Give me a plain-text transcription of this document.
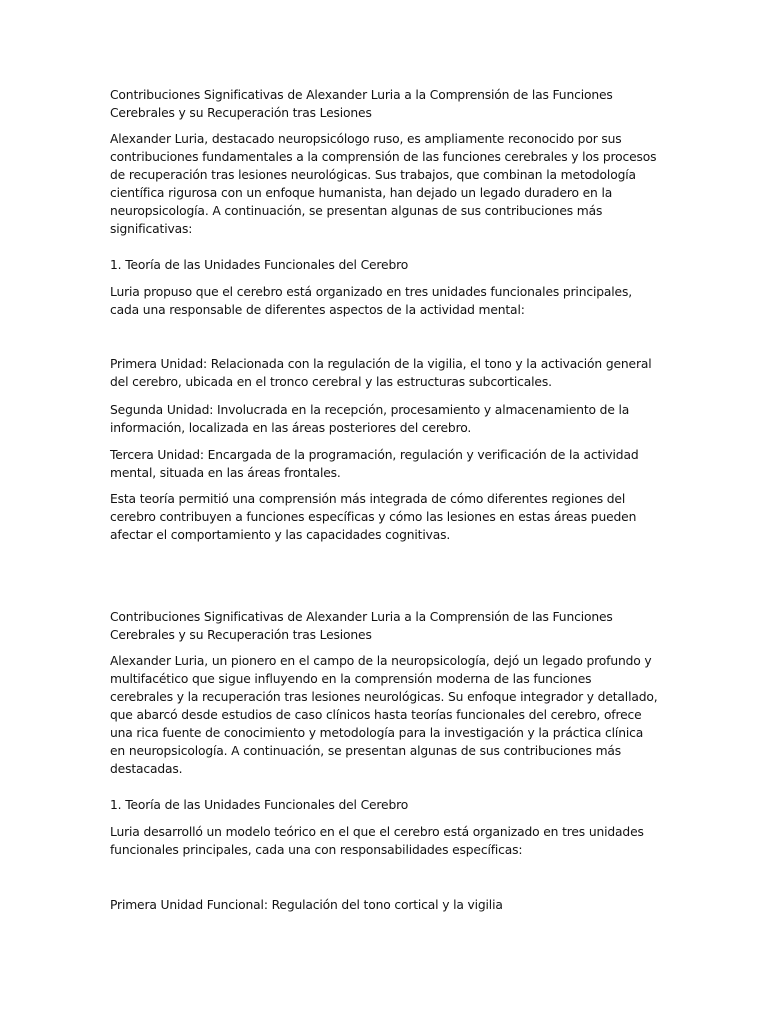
Contribuciones Significativas de Alexander Luria a la Comprensión de las Funciones Cerebrales y su Recuperación tras Lesiones

Alexander Luria, destacado neuropsicólogo ruso, es ampliamente reconocido por sus contribuciones fundamentales a la comprensión de las funciones cerebrales y los procesos de recuperación tras lesiones neurológicas. Sus trabajos, que combinan la metodología científica rigurosa con un enfoque humanista, han dejado un legado duradero en la neuropsicología. A continuación, se presentan algunas de sus contribuciones más significativas:

1. Teoría de las Unidades Funcionales del Cerebro

Luria propuso que el cerebro está organizado en tres unidades funcionales principales, cada una responsable de diferentes aspectos de la actividad mental:

Primera Unidad: Relacionada con la regulación de la vigilia, el tono y la activación general del cerebro, ubicada en el tronco cerebral y las estructuras subcorticales.

Segunda Unidad: Involucrada en la recepción, procesamiento y almacenamiento de la información, localizada en las áreas posteriores del cerebro.

Tercera Unidad: Encargada de la programación, regulación y verificación de la actividad mental, situada en las áreas frontales.

Esta teoría permitió una comprensión más integrada de cómo diferentes regiones del cerebro contribuyen a funciones específicas y cómo las lesiones en estas áreas pueden afectar el comportamiento y las capacidades cognitivas.

Contribuciones Significativas de Alexander Luria a la Comprensión de las Funciones Cerebrales y su Recuperación tras Lesiones

Alexander Luria, un pionero en el campo de la neuropsicología, dejó un legado profundo y multifacético que sigue influyendo en la comprensión moderna de las funciones cerebrales y la recuperación tras lesiones neurológicas. Su enfoque integrador y detallado, que abarcó desde estudios de caso clínicos hasta teorías funcionales del cerebro, ofrece una rica fuente de conocimiento y metodología para la investigación y la práctica clínica en neuropsicología. A continuación, se presentan algunas de sus contribuciones más destacadas.

1. Teoría de las Unidades Funcionales del Cerebro

Luria desarrolló un modelo teórico en el que el cerebro está organizado en tres unidades funcionales principales, cada una con responsabilidades específicas:

Primera Unidad Funcional: Regulación del tono cortical y la vigilia
